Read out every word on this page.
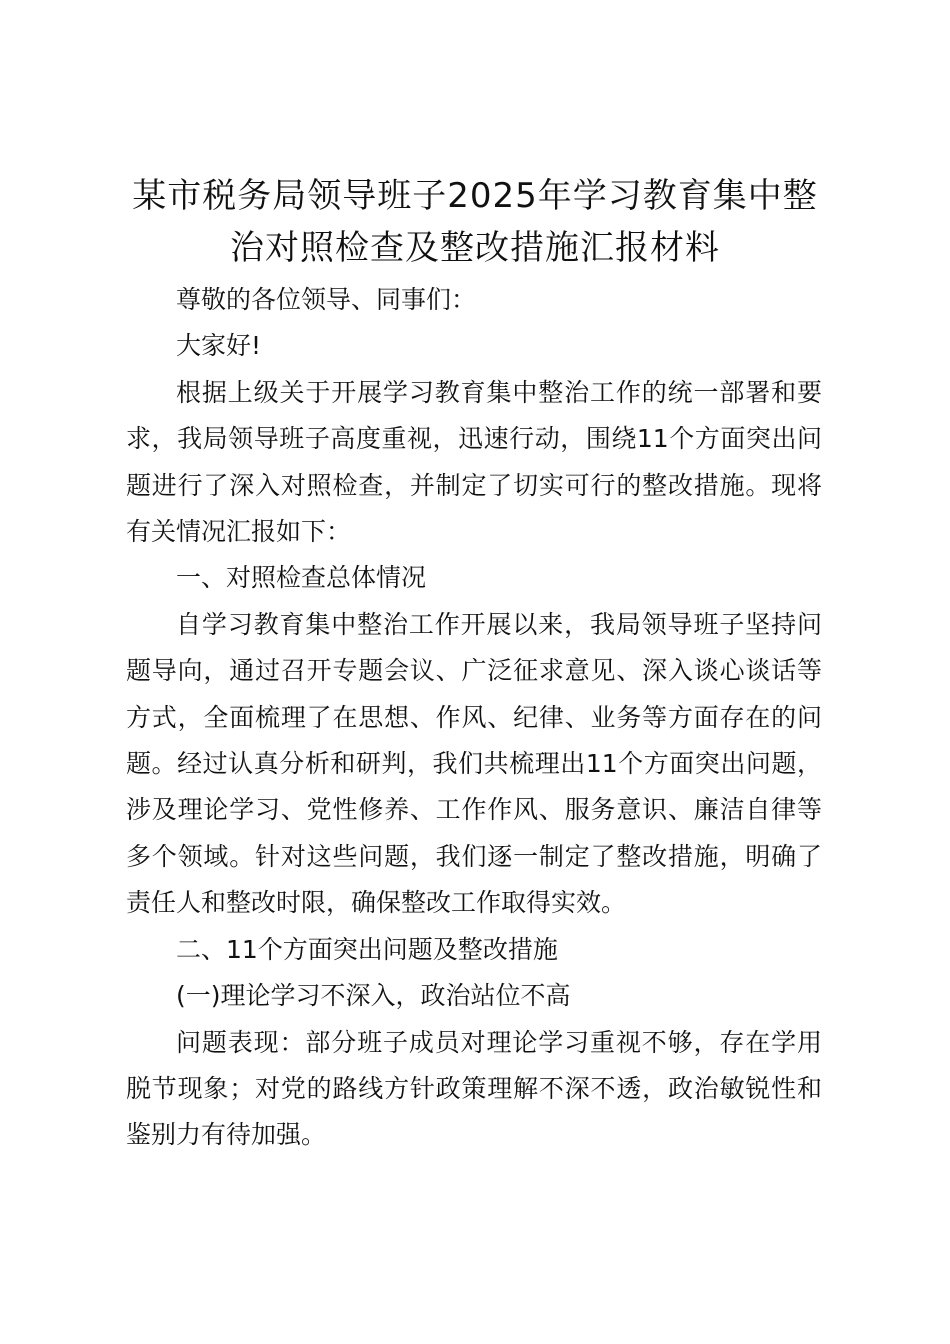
某市税务局领导班子2025年学习教育集中整治对照检查及整改措施汇报材料

尊敬的各位领导、同事们：

大家好!

根据上级关于开展学习教育集中整治工作的统一部署和要求，我局领导班子高度重视，迅速行动，围绕11个方面突出问题进行了深入对照检查，并制定了切实可行的整改措施。现将有关情况汇报如下：

一、对照检查总体情况

自学习教育集中整治工作开展以来，我局领导班子坚持问题导向，通过召开专题会议、广泛征求意见、深入谈心谈话等方式，全面梳理了在思想、作风、纪律、业务等方面存在的问题。经过认真分析和研判，我们共梳理出11个方面突出问题，涉及理论学习、党性修养、工作作风、服务意识、廉洁自律等多个领域。针对这些问题，我们逐一制定了整改措施，明确了责任人和整改时限，确保整改工作取得实效。

二、11个方面突出问题及整改措施

(一)理论学习不深入，政治站位不高

问题表现：部分班子成员对理论学习重视不够，存在学用脱节现象；对党的路线方针政策理解不深不透，政治敏锐性和鉴别力有待加强。
